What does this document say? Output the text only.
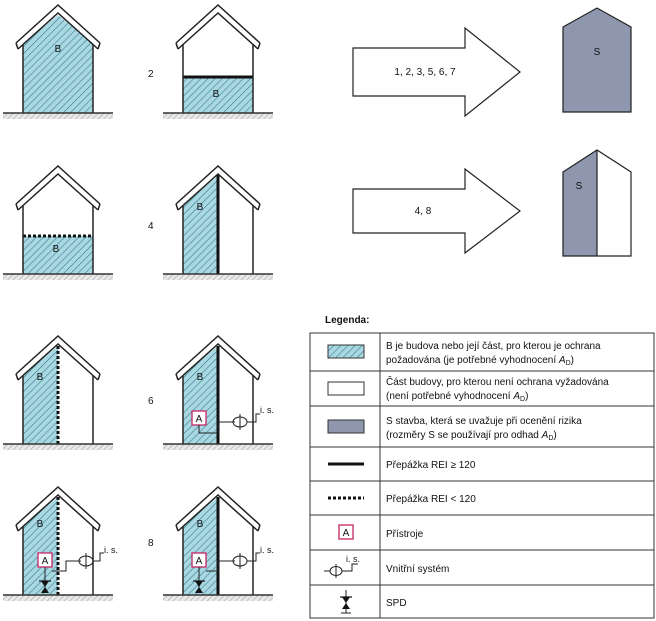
B
B
2	1, 2, 3, 5, 6, 7
S
B
B
4
4, 8
S
B	B
A
i. s.
6
B
A
i. s.
B
A
i. s.
8
Legenda:
B je budova nebo její část, pro kterou je ochrana
požadována (je potřebné vyhodnocení $A_D$)
Část budovy, pro kterou není ochrana vyžadována
(není potřebné vyhodnocení $A_D$)
S stavba, která se uvažuje při ocenění rizika
(rozměry S se používají pro odhad $A_D$)
Přepážka REI ≥ 120
Přepážka REI < 120
A	Přístroje
i. s.
Vnitřní systém
SPD
